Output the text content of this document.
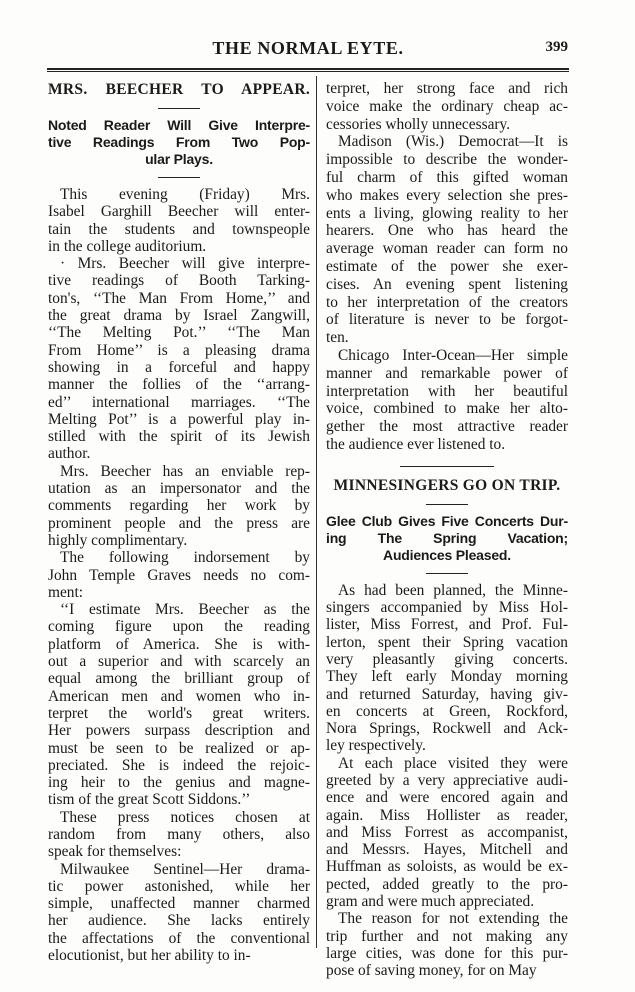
THE NORMAL EYTE.	399
MRS. BEECHER TO APPEAR.
Noted Reader Will Give Interpre-
tive Readings From Two Pop-
ular Plays.
This evening (Friday) Mrs.
Isabel Garghill Beecher will enter-
tain the students and townspeople
in the college auditorium.
· Mrs. Beecher will give interpre-
tive readings of Booth Tarking-
ton's, ‘‘The Man From Home,’’ and
the great drama by Israel Zangwill,
‘‘The Melting Pot.’’ ‘‘The Man
From Home’’ is a pleasing drama
showing in a forceful and happy
manner the follies of the ‘‘arrang-
ed’’ international marriages. ‘‘The
Melting Pot’’ is a powerful play in-
stilled with the spirit of its Jewish
author.
Mrs. Beecher has an enviable rep-
utation as an impersonator and the
comments regarding her work by
prominent people and the press are
highly complimentary.
The following indorsement by
John Temple Graves needs no com-
ment:
‘‘I estimate Mrs. Beecher as the
coming figure upon the reading
platform of America. She is with-
out a superior and with scarcely an
equal among the brilliant group of
American men and women who in-
terpret the world's great writers.
Her powers surpass description and
must be seen to be realized or ap-
preciated. She is indeed the rejoic-
ing heir to the genius and magne-
tism of the great Scott Siddons.’’
These press notices chosen at
random from many others, also
speak for themselves:
Milwaukee Sentinel—Her drama-
tic power astonished, while her
simple, unaffected manner charmed
her audience. She lacks entirely
the affectations of the conventional
elocutionist, but her ability to in-
terpret, her strong face and rich
voice make the ordinary cheap ac-
cessories wholly unnecessary.
Madison (Wis.) Democrat—It is
impossible to describe the wonder-
ful charm of this gifted woman
who makes every selection she pres-
ents a living, glowing reality to her
hearers. One who has heard the
average woman reader can form no
estimate of the power she exer-
cises. An evening spent listening
to her interpretation of the creators
of literature is never to be forgot-
ten.
Chicago Inter-Ocean—Her simple
manner and remarkable power of
interpretation with her beautiful
voice, combined to make her alto-
gether the most attractive reader
the audience ever listened to.
MINNESINGERS GO ON TRIP.
Glee Club Gives Five Concerts Dur-
ing The Spring Vacation;
Audiences Pleased.
As had been planned, the Minne-
singers accompanied by Miss Hol-
lister, Miss Forrest, and Prof. Ful-
lerton, spent their Spring vacation
very pleasantly giving concerts.
They left early Monday morning
and returned Saturday, having giv-
en concerts at Green, Rockford,
Nora Springs, Rockwell and Ack-
ley respectively.
At each place visited they were
greeted by a very appreciative audi-
ence and were encored again and
again. Miss Hollister as reader,
and Miss Forrest as accompanist,
and Messrs. Hayes, Mitchell and
Huffman as soloists, as would be ex-
pected, added greatly to the pro-
gram and were much appreciated.
The reason for not extending the
trip further and not making any
large cities, was done for this pur-
pose of saving money, for on May
